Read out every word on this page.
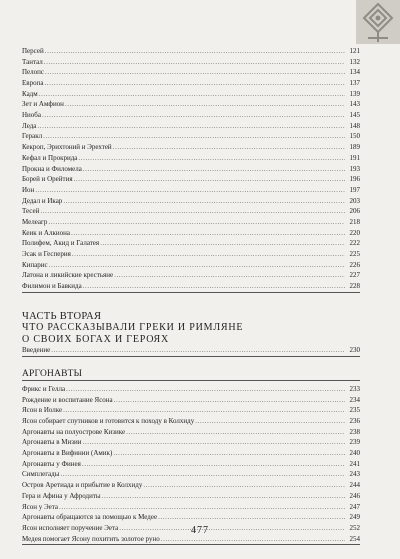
Персей .....	121
Тантал .....	132
Пелопс .....	134
Европа .....	137
Кадм .....	139
Зет и Амфион .....	143
Ниоба .....	145
Леда .....	148
Геракл .....	150
Кекроп, Эрихтоний и Эрехтей .....	189
Кефал и Прокрида .....	191
Прокна и Филомела .....	193
Борей и Орейтия .....	196
Ион .....	197
Дедал и Икар .....	203
Тесей .....	206
Мелеагр .....	218
Кеик и Алкиона .....	220
Полифем, Акид и Галатея .....	222
Эсак и Гесперия .....	225
Кипарис .....	226
Латона и ликийские крестьяне .....	227
Филимон и Бавкида .....	228
ЧАСТЬ ВТОРАЯ

ЧТО РАССКАЗЫВАЛИ ГРЕКИ И РИМЛЯНЕ
О СВОИХ БОГАХ И ГЕРОЯХ
Введение .....	230
АРГОНАВТЫ
Фрикс и Гелла .....	233
Рождение и воспитание Ясона .....	234
Ясон в Иолке .....	235
Ясон собирает спутников и готовится к походу в Колхиду .....	236
Аргонавты на полуострове Кизике .....	238
Аргонавты в Мизии .....	239
Аргонавты в Вифинии (Амик) .....	240
Аргонавты у Финея .....	241
Симплегады .....	243
Остров Аретиада и прибытие в Колхиду .....	244
Гера и Афина у Афродиты .....	246
Ясон у Эета .....	247
Аргонавты обращаются за помощью к Медее .....	249
Ясон исполняет поручение Эета .....	252
Медея помогает Ясону похитить золотое руно .....	254
477
